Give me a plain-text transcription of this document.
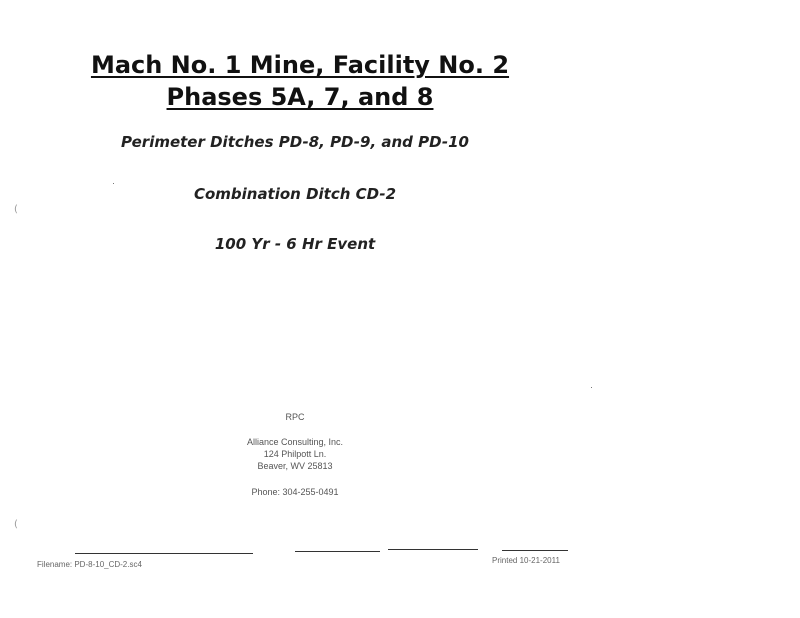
Mach No. 1 Mine, Facility No. 2
Phases 5A, 7, and 8

Perimeter Ditches PD-8, PD-9, and PD-10

Combination Ditch CD-2

100 Yr - 6 Hr Event

RPC
Alliance Consulting, Inc.
124 Philpott Ln.
Beaver, WV 25813
Phone: 304-255-0491
(
(
Filename: PD-8-10_CD-2.sc4	Printed 10-21-2011
